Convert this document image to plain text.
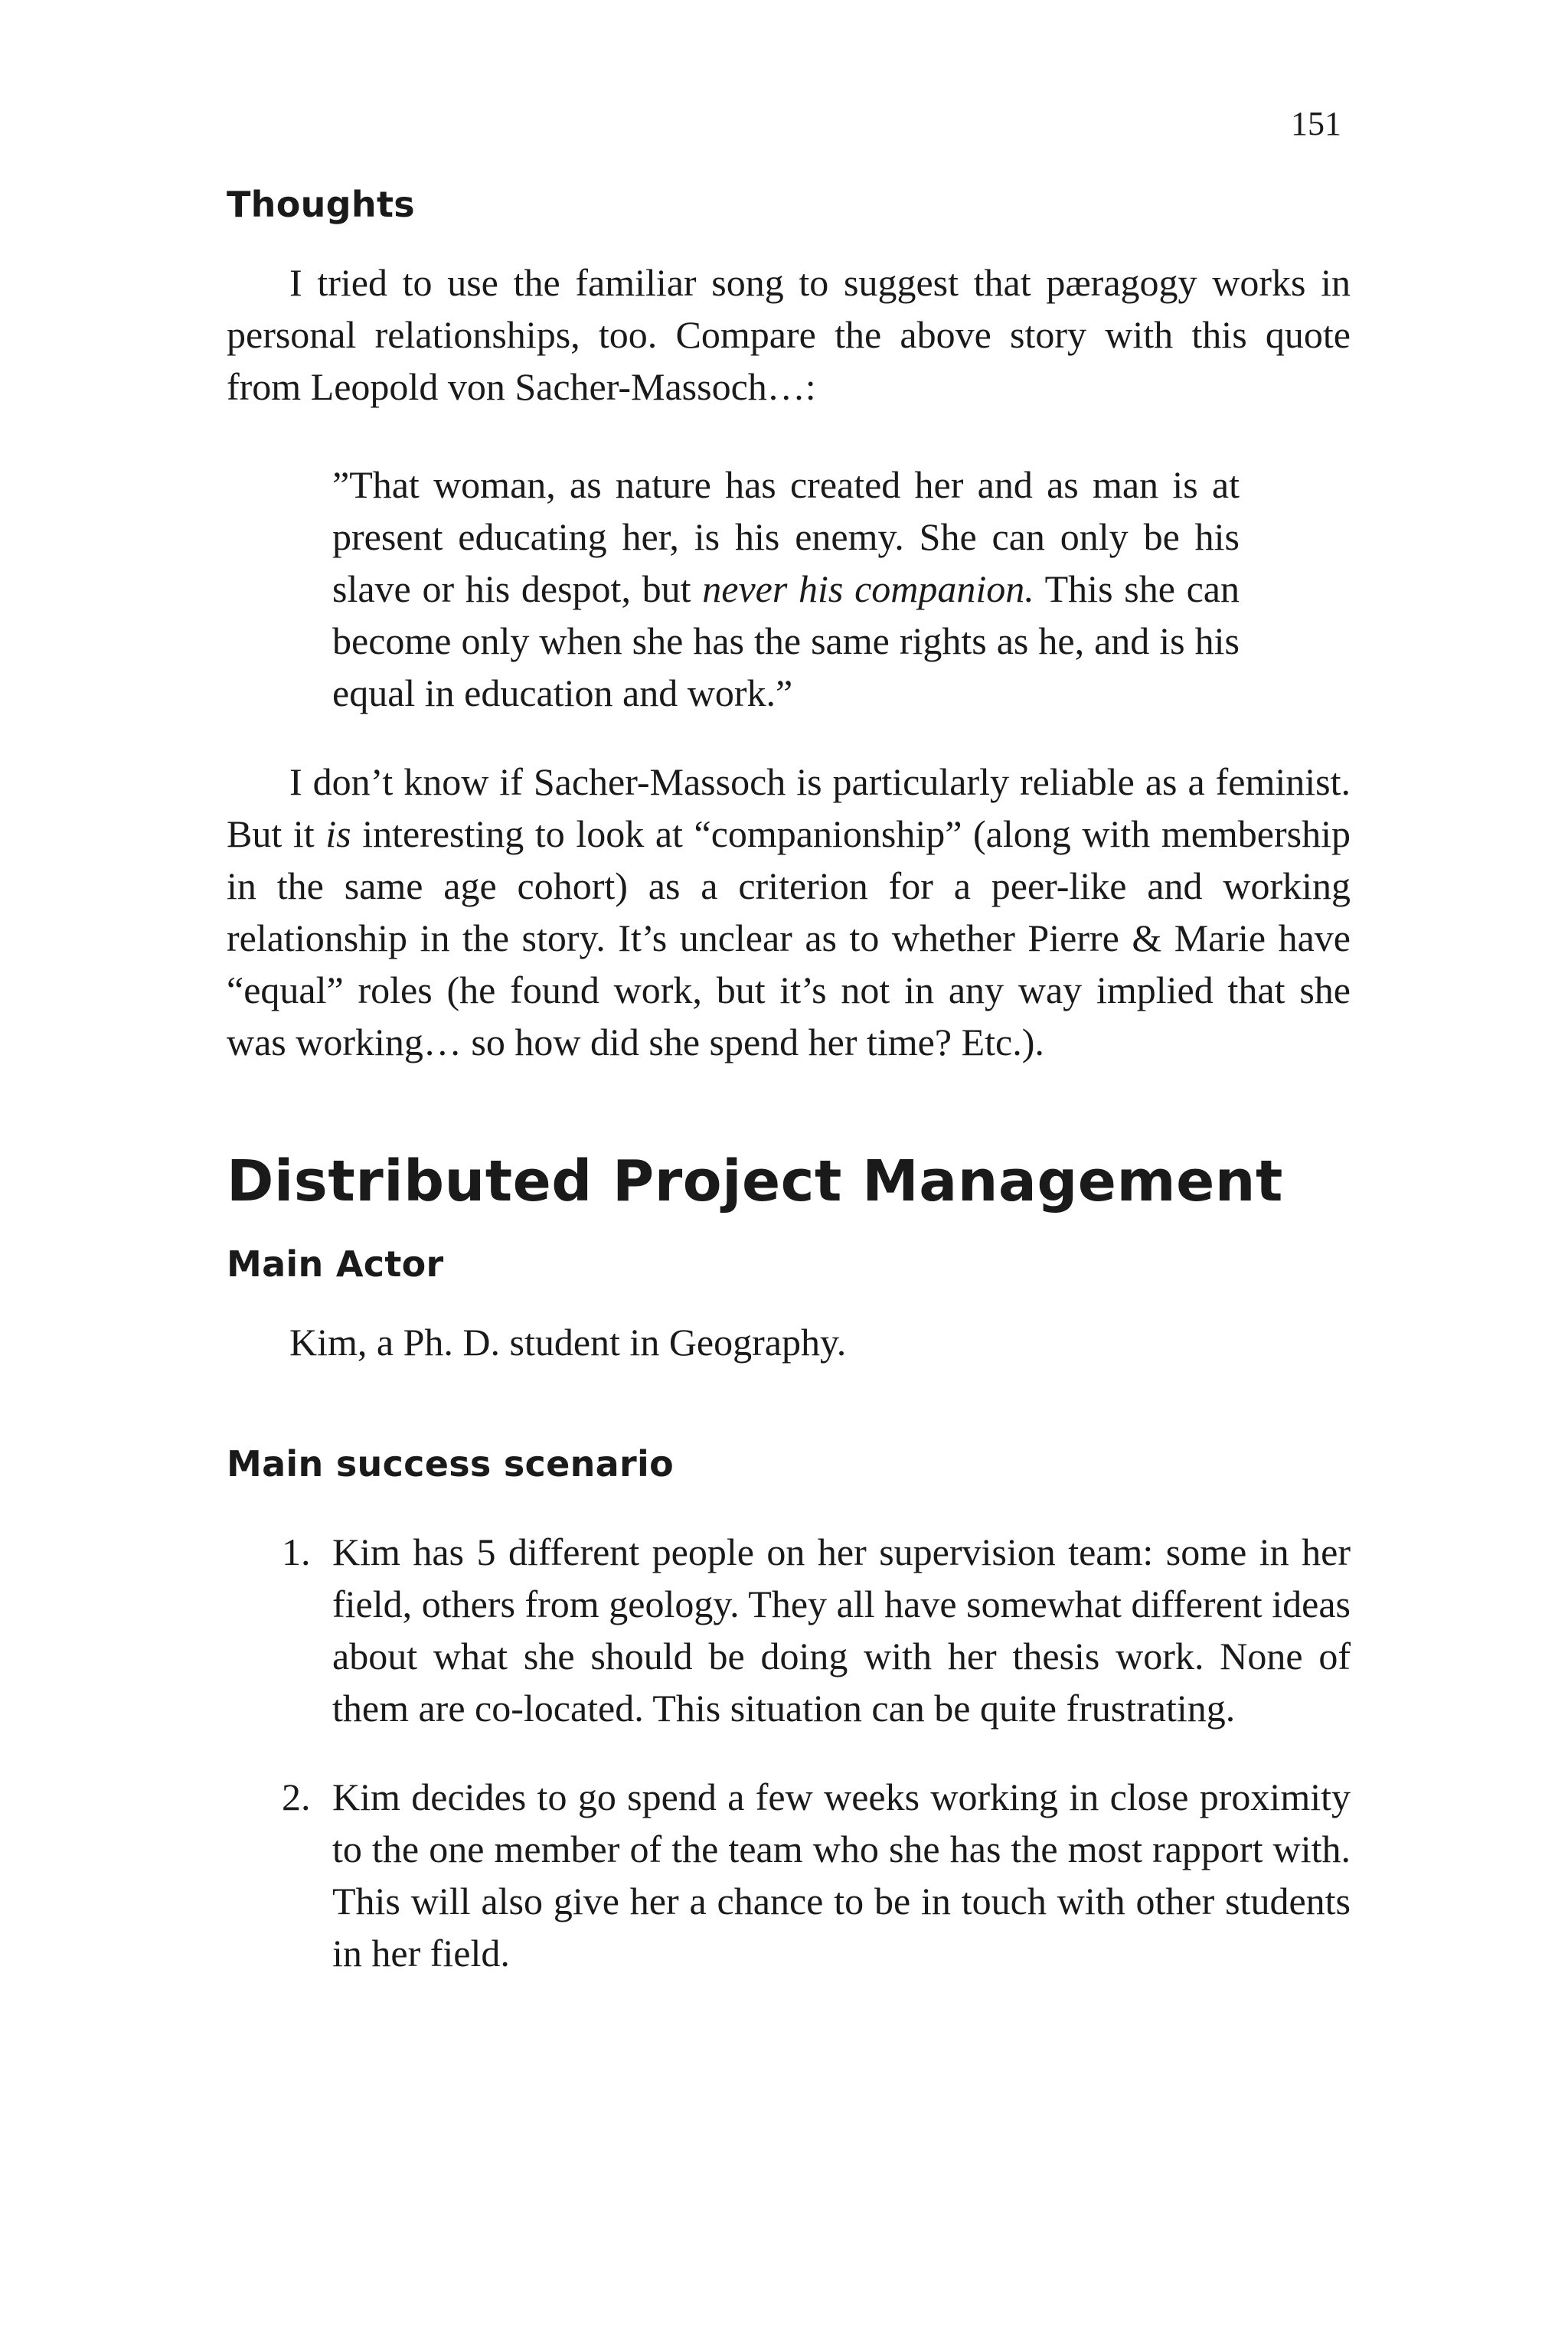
151
Thoughts

I tried to use the familiar song to suggest that pæragogy works in personal relationships, too. Compare the above story with this quote from Leopold von Sacher-Massoch…:

”That woman, as nature has created her and as man is at present educating her, is his enemy. She can only be his slave or his despot, but never his companion. This she can become only when she has the same rights as he, and is his equal in education and work.”

I don’t know if Sacher-Massoch is particularly reliable as a feminist. But it is interesting to look at “companionship” (along with membership in the same age cohort) as a criterion for a peer-like and working relationship in the story. It’s unclear as to whether Pierre & Marie have “equal” roles (he found work, but it’s not in any way implied that she was working… so how did she spend her time? Etc.).

Distributed Project Management
Main Actor

Kim, a Ph. D. student in Geography.

Main success scenario
1. Kim has 5 different people on her supervision team: some in her field, others from geology. They all have somewhat different ideas about what she should be doing with her thesis work. None of them are co-located. This situation can be quite frustrating.
2. Kim decides to go spend a few weeks working in close proximity to the one member of the team who she has the most rapport with. This will also give her a chance to be in touch with other students in her field.
